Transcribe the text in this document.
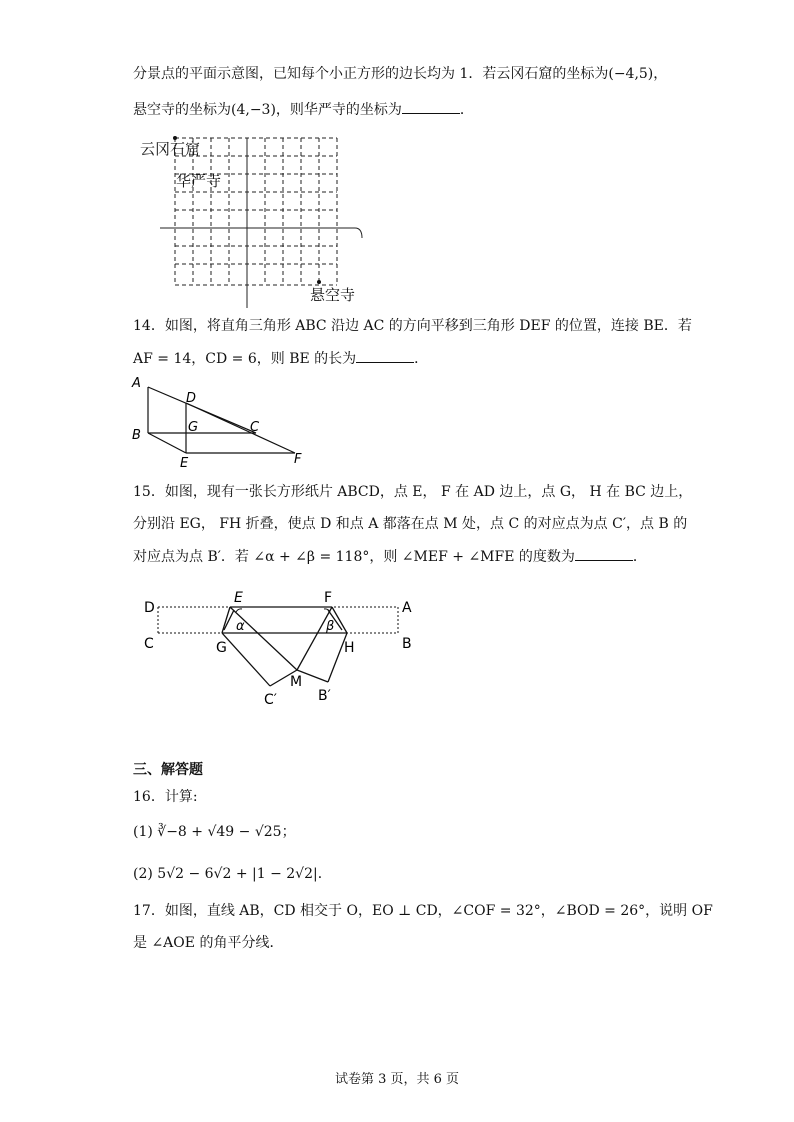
分景点的平面示意图，已知每个小正方形的边长均为 1．若云冈石窟的坐标为(−4,5)，
悬空寺的坐标为(4,−3)，则华严寺的坐标为	．
云冈石窟
华严寺
悬空寺
14．如图，将直角三角形 ABC 沿边 AC 的方向平移到三角形 DEF 的位置，连接 BE．若
AF = 14，CD = 6，则 BE 的长为	．
A
B
C
D
E	F
G
15．如图，现有一张长方形纸片 ABCD，点 E， F 在 AD 边上，点 G， H 在 BC 边上，
分别沿 EG， FH 折叠，使点 D 和点 A 都落在点 M 处，点 C 的对应点为点 C′，点 B 的
对应点为点 B′．若 ∠α + ∠β = 118°，则 ∠MEF + ∠MFE 的度数为	．
D
E	F
A
C	G	H	B
M
C′	B′
α	β
三、解答题
16．计算:
(1) ∛−8 + √49 − √25；
(2) 5√2 − 6√2 + |1 − 2√2|．
17．如图，直线 AB，CD 相交于 O，EO ⊥ CD，∠COF = 32°，∠BOD = 26°，说明 OF
是 ∠AOE 的角平分线．
试卷第 3 页，共 6 页
